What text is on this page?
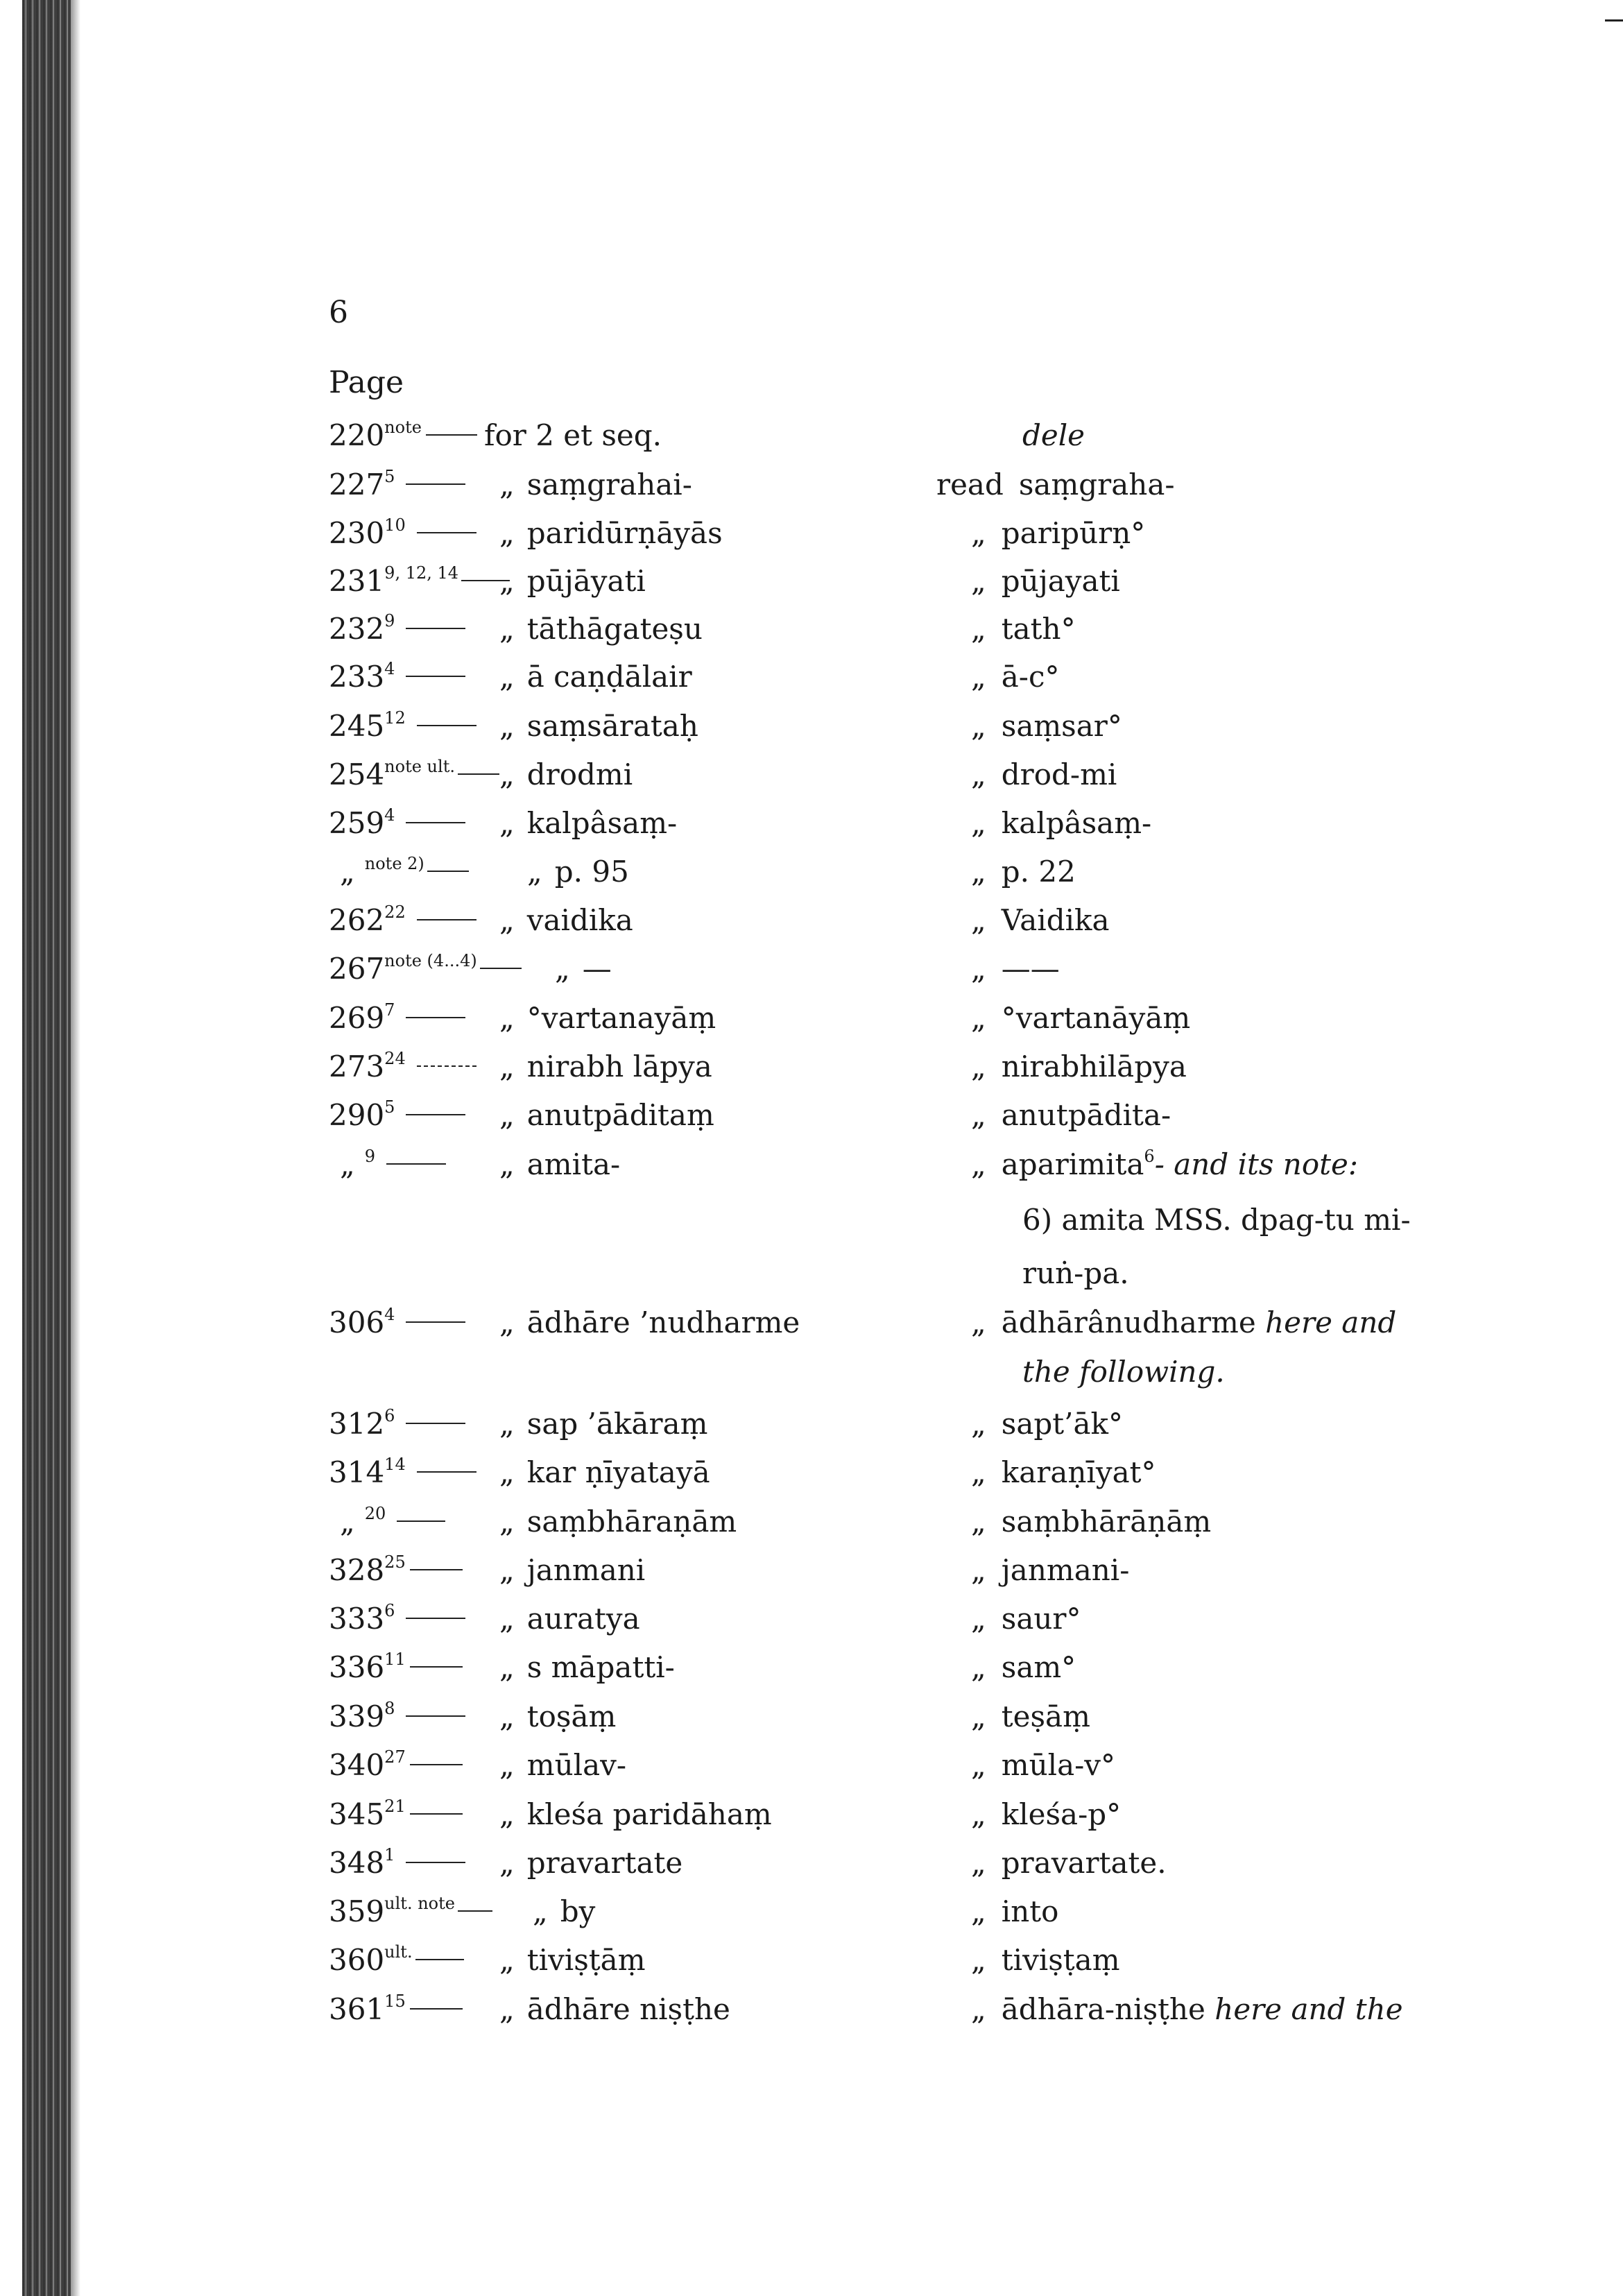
6
Page
$220^{note}$ for 2 et seq.	dele
$227^5$	„ saṃgrahai-	read saṃgraha-
$230^{10}$	„ paridūrṇāyās	„ paripūrṇ°
231$^{9, 12, 14}$	„ pūjāyati	„ pūjayati
$232^9$	„ tāthāgateṣu	„ tath°
$233^4$	„ ā caṇḍālair	„ ā-c°
$245^{12}$	„ saṃsārataḥ	„ saṃsar°
$254^{note ult.}$	„ drodmi	„ drod-mi
$259^4$	„ kalpâsaṃ-	„ kalpâsaṃ-
„ $^{note 2)}$	„ p. 95	„ p. 22
$262^{22}$	„ vaidika	„ Vaidika
$267^{note (4...4)}$	„ —	„ ——
$269^7$	„ °vartanayāṃ	„ °vartanāyāṃ
$273^{24}$	„ nirabh lāpya	„ nirabhilāpya
$290^5$	„ anutpāditaṃ	„ anutpādita-
„ $^9$	„ amita-	„ aparimita$^6$- and its note:
6) amita MSS. dpag-tu mi-
ruṅ-pa.
$306^4$	„ ādhāre ’nudharme	„ ādhārânudharme here and
the following.
$312^6$	„ sap ’ākāraṃ	„ sapt’āk°
$314^{14}$	„ kar ṇīyatayā	„ karaṇīyat°
„ $^{20}$	„ saṃbhāraṇām	„ saṃbhārāṇāṃ
$328^{25}$	„ janmani	„ janmani-
$333^6$	„ auratya	„ saur°
$336^{11}$	„ s māpatti-	„ sam°
$339^8$	„ toṣāṃ	„ teṣāṃ
$340^{27}$	„ mūlav-	„ mūla-v°
$345^{21}$	„ kleśa paridāhaṃ	„ kleśa-p°
$348^1$	„ pravartate	„ pravartate.
$359^{ult. note}$	„ by	„ into
$360^{ult.}$	„ tiviṣṭāṃ	„ tiviṣṭaṃ
$361^{15}$	„ ādhāre niṣṭhe	„ ādhāra-niṣṭhe here and the
